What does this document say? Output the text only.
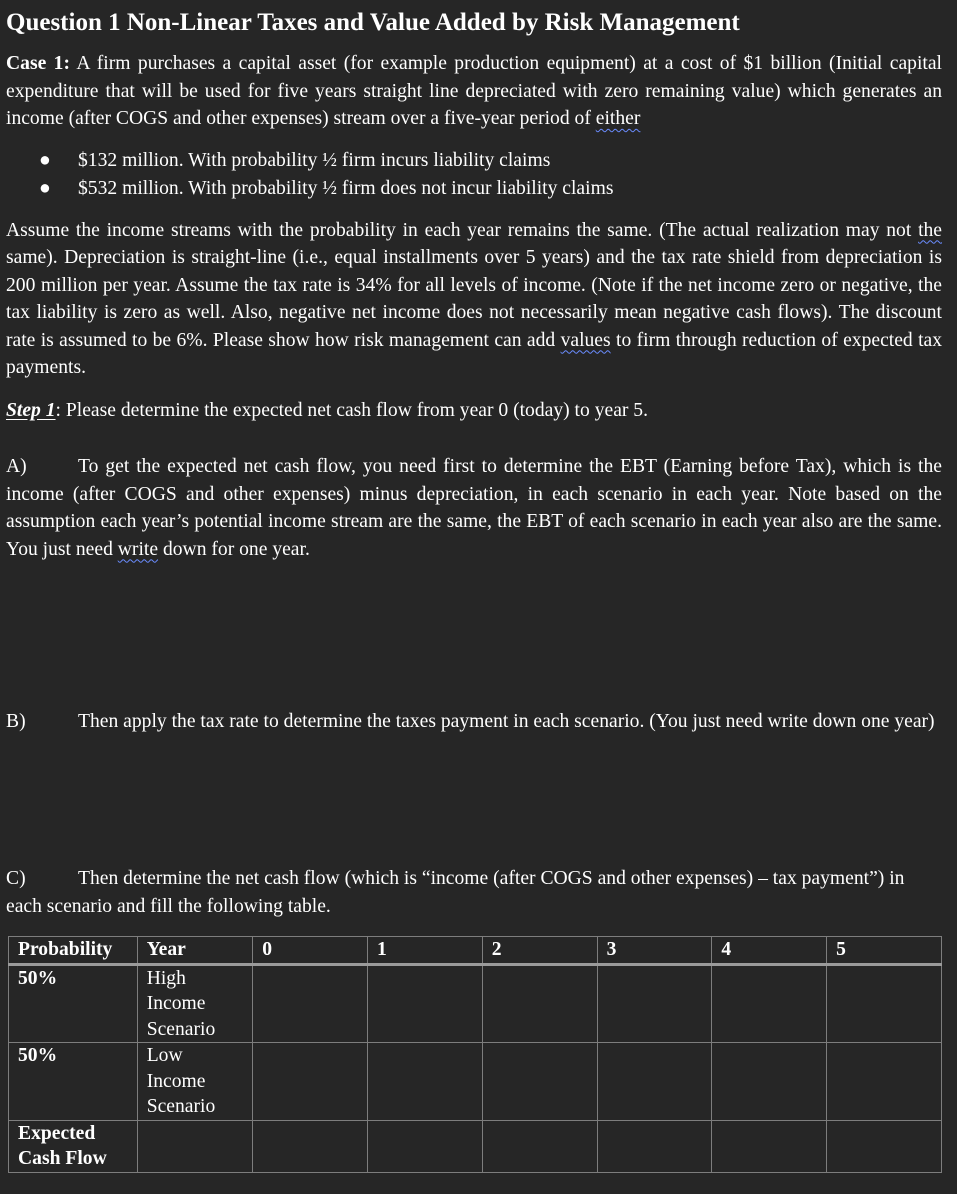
Question 1 Non-Linear Taxes and Value Added by Risk Management

Case 1: A firm purchases a capital asset (for example production equipment) at a cost of $1 billion (Initial capital expenditure that will be used for five years straight line depreciated with zero remaining value) which generates an income (after COGS and other expenses) stream over a five-year period of either

● $132 million. With probability ½ firm incurs liability claims
● $532 million. With probability ½ firm does not incur liability claims

Assume the income streams with the probability in each year remains the same. (The actual realization may not the same). Depreciation is straight-line (i.e., equal installments over 5 years) and the tax rate shield from depreciation is 200 million per year. Assume the tax rate is 34% for all levels of income. (Note if the net income zero or negative, the tax liability is zero as well. Also, negative net income does not necessarily mean negative cash flows). The discount rate is assumed to be 6%. Please show how risk management can add values to firm through reduction of expected tax payments.

Step 1: Please determine the expected net cash flow from year 0 (today) to year 5.

A)	To get the expected net cash flow, you need first to determine the EBT (Earning before Tax), which is the income (after COGS and other expenses) minus depreciation, in each scenario in each year. Note based on the assumption each year’s potential income stream are the same, the EBT of each scenario in each year also are the same. You just need write down for one year.

B)	Then apply the tax rate to determine the taxes payment in each scenario. (You just need write down one year)

C)	Then determine the net cash flow (which is “income (after COGS and other expenses) – tax payment”) in each scenario and fill the following table.

Probability	Year	0	1	2	3	4	5
50%	High
Income
Scenario						

50%	Low
Income
Scenario						

Expected
Cash Flow							
